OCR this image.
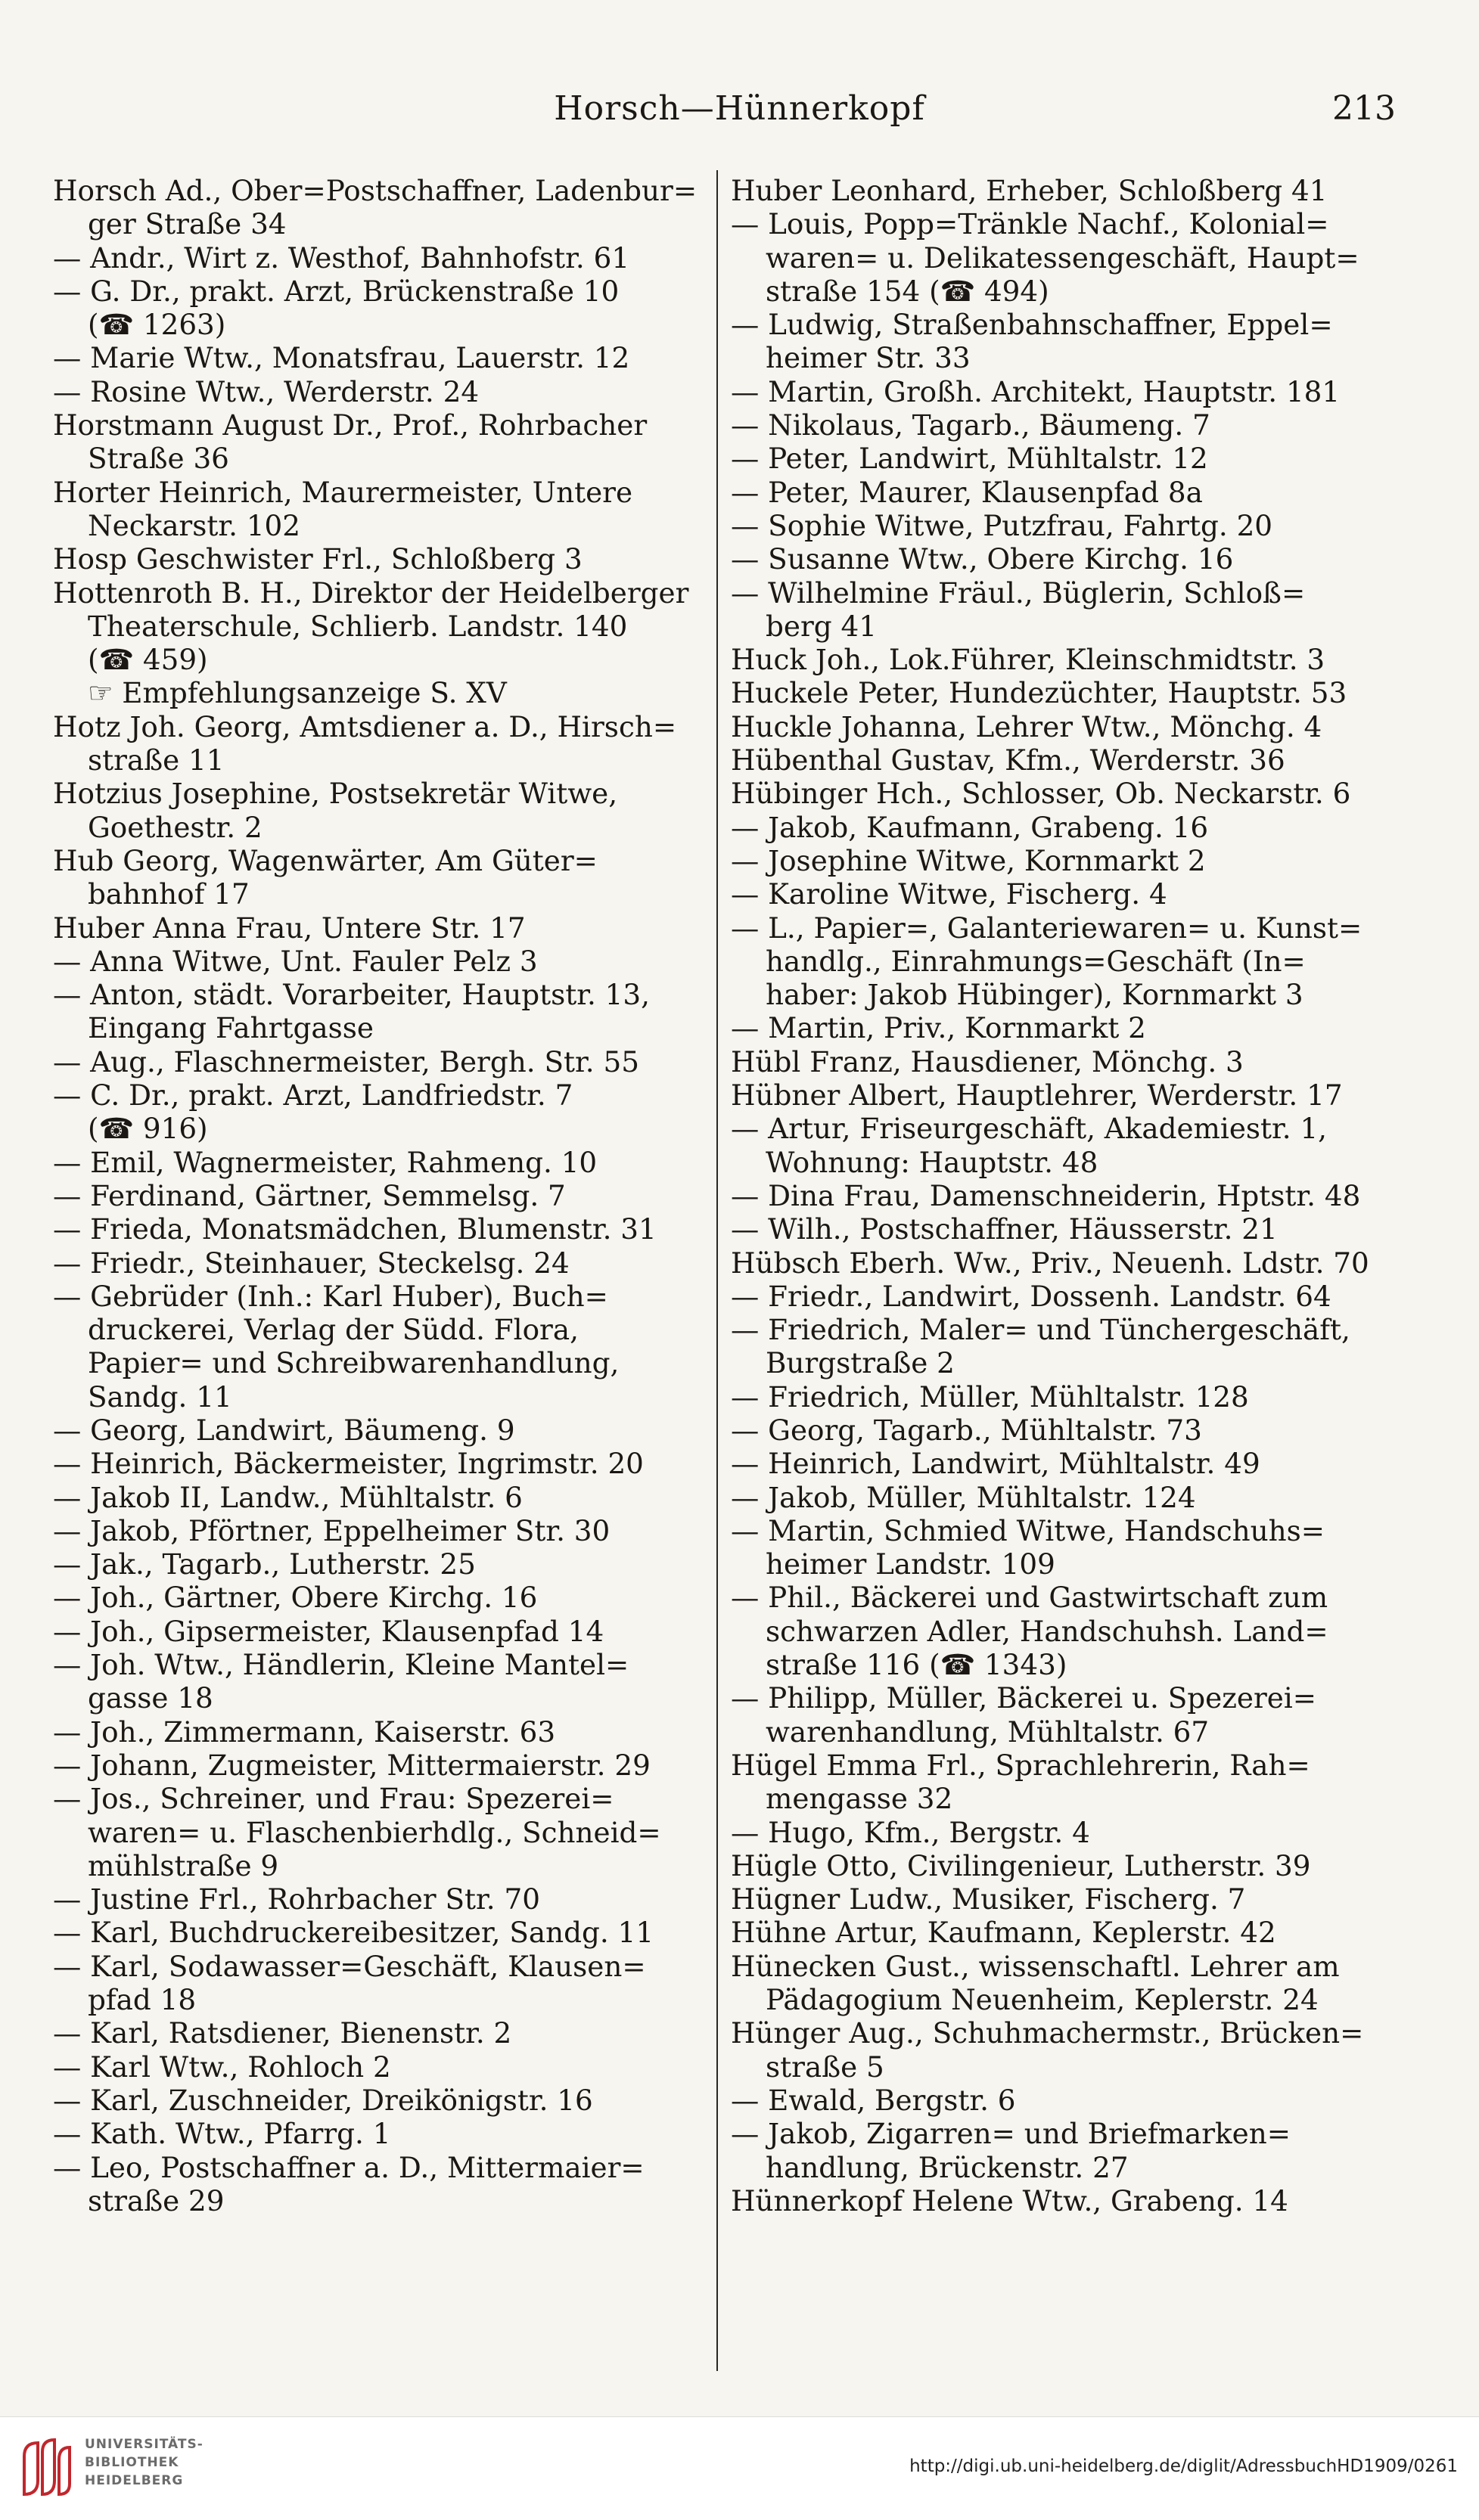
Horsch—Hünnerkopf	213
Horsch Ad., Ober=Postschaffner, Ladenbur=
ger Straße 34
— Andr., Wirt z. Westhof, Bahnhofstr. 61
— G. Dr., prakt. Arzt, Brückenstraße 10
(☎ 1263)
— Marie Wtw., Monatsfrau, Lauerstr. 12
— Rosine Wtw., Werderstr. 24
Horstmann August Dr., Prof., Rohrbacher
Straße 36
Horter Heinrich, Maurermeister, Untere
Neckarstr. 102
Hosp Geschwister Frl., Schloßberg 3
Hottenroth B. H., Direktor der Heidelberger
Theaterschule, Schlierb. Landstr. 140
(☎ 459)
☞ Empfehlungsanzeige S. XV
Hotz Joh. Georg, Amtsdiener a. D., Hirsch=
straße 11
Hotzius Josephine, Postsekretär Witwe,
Goethestr. 2
Hub Georg, Wagenwärter, Am Güter=
bahnhof 17
Huber Anna Frau, Untere Str. 17
— Anna Witwe, Unt. Fauler Pelz 3
— Anton, städt. Vorarbeiter, Hauptstr. 13,
Eingang Fahrtgasse
— Aug., Flaschnermeister, Bergh. Str. 55
— C. Dr., prakt. Arzt, Landfriedstr. 7
(☎ 916)
— Emil, Wagnermeister, Rahmeng. 10
— Ferdinand, Gärtner, Semmelsg. 7
— Frieda, Monatsmädchen, Blumenstr. 31
— Friedr., Steinhauer, Steckelsg. 24
— Gebrüder (Inh.: Karl Huber), Buch=
druckerei, Verlag der Südd. Flora,
Papier= und Schreibwarenhandlung,
Sandg. 11
— Georg, Landwirt, Bäumeng. 9
— Heinrich, Bäckermeister, Ingrimstr. 20
— Jakob II, Landw., Mühltalstr. 6
— Jakob, Pförtner, Eppelheimer Str. 30
— Jak., Tagarb., Lutherstr. 25
— Joh., Gärtner, Obere Kirchg. 16
— Joh., Gipsermeister, Klausenpfad 14
— Joh. Wtw., Händlerin, Kleine Mantel=
gasse 18
— Joh., Zimmermann, Kaiserstr. 63
— Johann, Zugmeister, Mittermaierstr. 29
— Jos., Schreiner, und Frau: Spezerei=
waren= u. Flaschenbierhdlg., Schneid=
mühlstraße 9
— Justine Frl., Rohrbacher Str. 70
— Karl, Buchdruckereibesitzer, Sandg. 11
— Karl, Sodawasser=Geschäft, Klausen=
pfad 18
— Karl, Ratsdiener, Bienenstr. 2
— Karl Wtw., Rohloch 2
— Karl, Zuschneider, Dreikönigstr. 16
— Kath. Wtw., Pfarrg. 1
— Leo, Postschaffner a. D., Mittermaier=
straße 29
Huber Leonhard, Erheber, Schloßberg 41
— Louis, Popp=Tränkle Nachf., Kolonial=
waren= u. Delikatessengeschäft, Haupt=
straße 154 (☎ 494)
— Ludwig, Straßenbahnschaffner, Eppel=
heimer Str. 33
— Martin, Großh. Architekt, Hauptstr. 181
— Nikolaus, Tagarb., Bäumeng. 7
— Peter, Landwirt, Mühltalstr. 12
— Peter, Maurer, Klausenpfad 8a
— Sophie Witwe, Putzfrau, Fahrtg. 20
— Susanne Wtw., Obere Kirchg. 16
— Wilhelmine Fräul., Büglerin, Schloß=
berg 41
Huck Joh., Lok.Führer, Kleinschmidtstr. 3
Huckele Peter, Hundezüchter, Hauptstr. 53
Huckle Johanna, Lehrer Wtw., Mönchg. 4
Hübenthal Gustav, Kfm., Werderstr. 36
Hübinger Hch., Schlosser, Ob. Neckarstr. 6
— Jakob, Kaufmann, Grabeng. 16
— Josephine Witwe, Kornmarkt 2
— Karoline Witwe, Fischerg. 4
— L., Papier=, Galanteriewaren= u. Kunst=
handlg., Einrahmungs=Geschäft (In=
haber: Jakob Hübinger), Kornmarkt 3
— Martin, Priv., Kornmarkt 2
Hübl Franz, Hausdiener, Mönchg. 3
Hübner Albert, Hauptlehrer, Werderstr. 17
— Artur, Friseurgeschäft, Akademiestr. 1,
Wohnung: Hauptstr. 48
— Dina Frau, Damenschneiderin, Hptstr. 48
— Wilh., Postschaffner, Häusserstr. 21
Hübsch Eberh. Ww., Priv., Neuenh. Ldstr. 70
— Friedr., Landwirt, Dossenh. Landstr. 64
— Friedrich, Maler= und Tünchergeschäft,
Burgstraße 2
— Friedrich, Müller, Mühltalstr. 128
— Georg, Tagarb., Mühltalstr. 73
— Heinrich, Landwirt, Mühltalstr. 49
— Jakob, Müller, Mühltalstr. 124
— Martin, Schmied Witwe, Handschuhs=
heimer Landstr. 109
— Phil., Bäckerei und Gastwirtschaft zum
schwarzen Adler, Handschuhsh. Land=
straße 116 (☎ 1343)
— Philipp, Müller, Bäckerei u. Spezerei=
warenhandlung, Mühltalstr. 67
Hügel Emma Frl., Sprachlehrerin, Rah=
mengasse 32
— Hugo, Kfm., Bergstr. 4
Hügle Otto, Civilingenieur, Lutherstr. 39
Hügner Ludw., Musiker, Fischerg. 7
Hühne Artur, Kaufmann, Keplerstr. 42
Hünecken Gust., wissenschaftl. Lehrer am
Pädagogium Neuenheim, Keplerstr. 24
Hünger Aug., Schuhmachermstr., Brücken=
straße 5
— Ewald, Bergstr. 6
— Jakob, Zigarren= und Briefmarken=
handlung, Brückenstr. 27
Hünnerkopf Helene Wtw., Grabeng. 14
UNIVERSITÄTS-
BIBLIOTHEK
HEIDELBERG
http://digi.ub.uni-heidelberg.de/diglit/AdressbuchHD1909/0261
